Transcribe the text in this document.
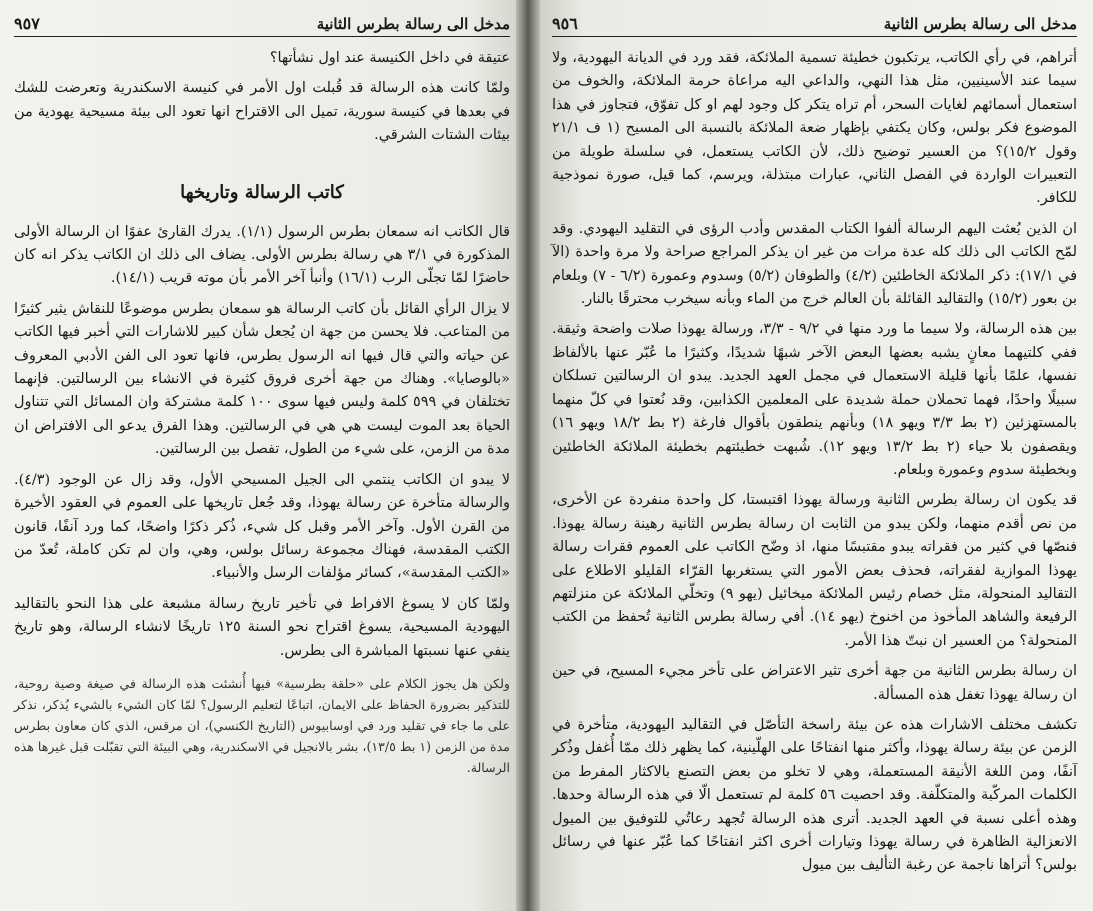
مدخل الى رسالة بطرس الثانية
٩٥٦

أتراهم، في رأي الكاتب، يرتكبون خطيئة تسمية الملائكة، فقد ورد في الديانة اليهودية، ولا سيما عند الأسينيين، مثل هذا النهي، والداعي اليه مراعاة حرمة الملائكة، والخوف من استعمال أسمائهم لغايات السحر، أم تراه يتكر كل وجود لهم او كل تفوّق، فتجاوز في هذا الموضوع فكر بولس، وكان يكتفي بإظهار ضعة الملائكة بالنسبة الى المسيح (١ ف ٢١/١ وقول ١٥/٢)؟ من العسير توضيح ذلك، لأن الكاتب يستعمل، في سلسلة طويلة من التعبيرات الواردة في الفصل الثاني، عبارات مبتذلة، ويرسم، كما قيل، صورة نموذجية للكافر.

ان الذين بُعثت اليهم الرسالة ألفوا الكتاب المقدس وأدب الرؤى في التقليد اليهودي. وقد لمّح الكاتب الى ذلك كله عدة مرات من غير ان يذكر المراجع صراحة ولا مرة واحدة (الآ في ١٧/١): ذكر الملائكة الخاطئين (٤/٢) والطوفان (٥/٢) وسدوم وعمورة (٦/٢ - ٧) وبلعام بن بعور (١٥/٢) والتقاليد القائلة بأن العالم خرج من الماء وبأنه سيخرب محترقًا بالنار.

بين هذه الرسالة، ولا سيما ما ورد منها في ٩/٢ - ٣/٣، ورسالة يهوذا صلات واضحة وثيقة. ففي كلتيهما معانٍ يشبه بعضها البعض الآخر شبهًا شديدًا، وكثيرًا ما عُبّر عنها بالألفاظ نفسها، علمًا بأنها قليلة الاستعمال في مجمل العهد الجديد. يبدو ان الرسالتين تسلكان سبيلًا واحدًا، فهما تحملان حملة شديدة على المعلمين الكذابين، وقد نُعتوا في كلّ منهما بالمستهزئين (٢ بط ٣/٣ ويهو ١٨) وبأنهم ينطقون بأقوال فارغة (٢ بط ١٨/٢ ويهو ١٦) ويقصفون بلا حياء (٢ بط ١٣/٢ ويهو ١٢). شُبهت خطيئتهم بخطيئة الملائكة الخاطئين وبخطيئة سدوم وعمورة وبلعام.

قد يكون ان رسالة بطرس الثانية ورسالة يهوذا اقتبستا، كل واحدة منفردة عن الأخرى، من نص أقدم منهما، ولكن يبدو من الثابت ان رسالة بطرس الثانية رهينة رسالة يهوذا. فنصّها في كثير من فقراته يبدو مقتبسًا منها، اذ وضّح الكاتب على العموم فقرات رسالة يهوذا الموازية لفقراته، فحذف بعض الأمور التي يستغربها القرّاء القليلو الاطلاع على التقاليد المنحولة، مثل خصام رئيس الملائكة ميخائيل (يهو ٩) وتخلّي الملائكة عن منزلتهم الرفيعة والشاهد المأخوذ من اخنوخ (يهو ١٤). أفي رسالة بطرس الثانية تُحفظ من الكتب المنحولة؟ من العسير ان نبتّ هذا الأمر.

ان رسالة بطرس الثانية من جهة أخرى تثير الاعتراض على تأخر مجيء المسيح، في حين ان رسالة يهوذا تغفل هذه المسألة.

تكشف مختلف الاشارات هذه عن بيئة راسخة التأصّل في التقاليد اليهودية، متأخرة في الزمن عن بيئة رسالة يهوذا، وأكثر منها انفتاحًا على الهلّينية، كما يظهر ذلك ممّا أُغفل وذُكر آنفًا، ومن اللغة الأنيقة المستعملة، وهي لا تخلو من بعض التصنع بالاكثار المفرط من الكلمات المركّبة والمتكلّفة. وقد احصيت ٥٦ كلمة لم تستعمل الّا في هذه الرسالة وحدها. وهذه أعلى نسبة في العهد الجديد. أترى هذه الرسالة تُجهد رعاتُي للتوفيق بين الميول الانعزالية الظاهرة في رسالة يهوذا وتيارات أخرى اكثر انفتاحًا كما عُبّر عنها في رسائل بولس؟ أتراها ناجمة عن رغبة التأليف بين ميول

مدخل الى رسالة بطرس الثانية
٩٥٧

عتيقة في داخل الكنيسة عند اول نشأتها؟

ولمّا كانت هذه الرسالة قد قُبلت اول الأمر في كنيسة الاسكندرية وتعرضت للشك في بعدها في كنيسة سورية، تميل الى الاقتراح انها تعود الى بيئة مسيحية يهودية من بيئات الشتات الشرقي.

كاتب الرسالة وتاريخها

قال الكاتب انه سمعان بطرس الرسول (١/١). يدرك القارئ عفوًا ان الرسالة الأولى المذكورة في ٣/١ هي رسالة بطرس الأولى. يضاف الى ذلك ان الكاتب يذكر انه كان حاضرًا لمّا تجلّى الرب (١٦/١) وأنبأ آخر الأمر بأن موته قريب (١٤/١).

لا يزال الرأي القائل بأن كاتب الرسالة هو سمعان بطرس موضوعًا للنقاش يثير كثيرًا من المتاعب. فلا يحسن من جهة ان يُجعل شأن كبير للاشارات التي أخبر فيها الكاتب عن حياته والتي قال فيها انه الرسول بطرس، فانها تعود الى الفن الأدبي المعروف «بالوصايا». وهناك من جهة أخرى فروق كثيرة في الانشاء بين الرسالتين. فإنهما تختلفان في ٥٩٩ كلمة وليس فيها سوى ١٠٠ كلمة مشتركة وان المسائل التي تتناول الحياة بعد الموت ليست هي هي في الرسالتين. وهذا الفرق يدعو الى الافتراض ان مدة من الزمن، على شيء من الطول، تفصل بين الرسالتين.

لا يبدو ان الكاتب ينتمي الى الجيل المسيحي الأول، وقد زال عن الوجود (٤/٣). والرسالة متأخرة عن رسالة يهوذا، وقد جُعل تاريخها على العموم في العقود الأخيرة من القرن الأول. وآخر الأمر وقبل كل شيء، ذُكر ذكرًا واضحًا، كما ورد آنفًا، قانون الكتب المقدسة، فهناك مجموعة رسائل بولس، وهي، وان لم تكن كاملة، تُعدّ من «الكتب المقدسة»، كسائر مؤلفات الرسل والأنبياء.

ولمّا كان لا يسوغ الافراط في تأخير تاريخ رسالة مشبعة على هذا النحو بالتقاليد اليهودية المسيحية، يسوغ اقتراح نحو السنة ١٢٥ تاريخًا لانشاء الرسالة، وهو تاريخ ينفي عنها نسبتها المباشرة الى بطرس.

ولكن هل يجوز الكلام على «حلقة بطرسية» فيها أُنشئت هذه الرسالة في صيغة وصية روحية، للتذكير بضرورة الحفاظ على الايمان، اتباعًا لتعليم الرسول؟ لمّا كان الشيء بالشيء يُذكر، نذكر على ما جاء في تقليد ورد في اوسابيوس (التاريخ الكنسي)، ان مرقس، الذي كان معاون بطرس مدة من الزمن (١ بط ١٣/٥)، بشر بالانجيل في الاسكندرية، وهي البيئة التي تقبّلت قبل غيرها هذه الرسالة.
